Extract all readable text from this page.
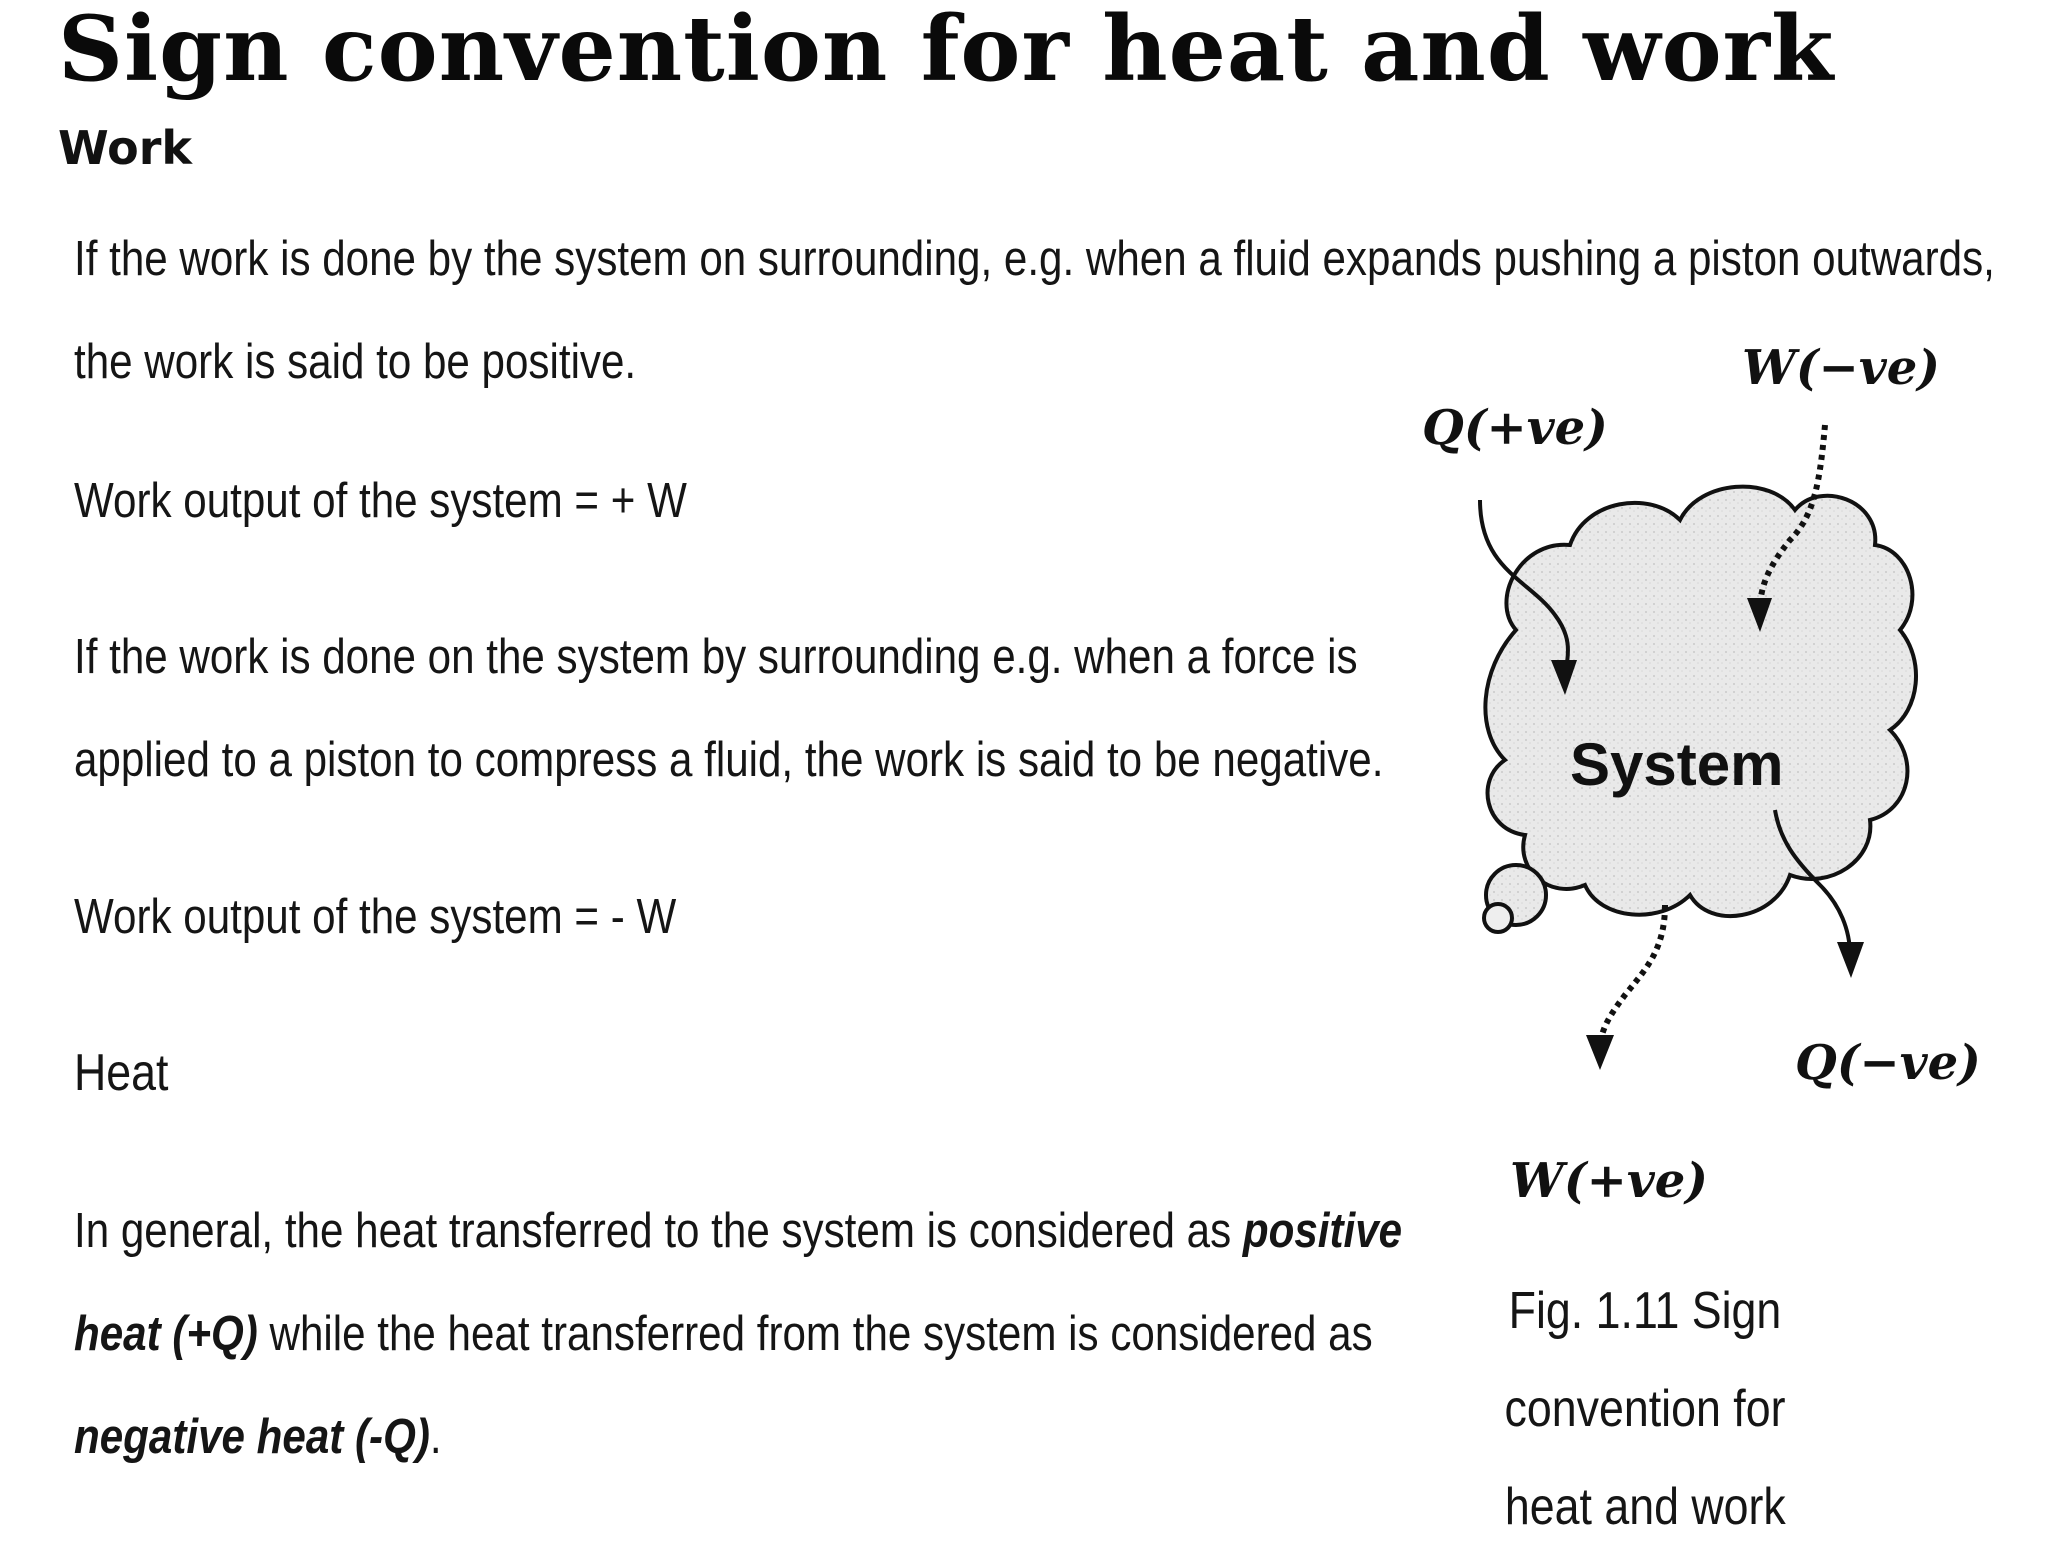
Sign convention for heat and work
Work
If the work is done by the system on surrounding, e.g. when a fluid expands pushing a piston outwards,
the work is said to be positive.
Work output of the system = + W
If the work is done on the system by surrounding e.g. when a force is
applied to a piston to compress a fluid, the work is said to be negative.
Work output of the system = - W
Heat
In general, the heat transferred to the system is considered as positive
heat (+Q) while the heat transferred from the system is considered as
negative heat (-Q).
System
Q(+ve)
W(−ve)
Q(−ve)
W(+ve)
Fig. 1.11 Sign convention for
heat and work
